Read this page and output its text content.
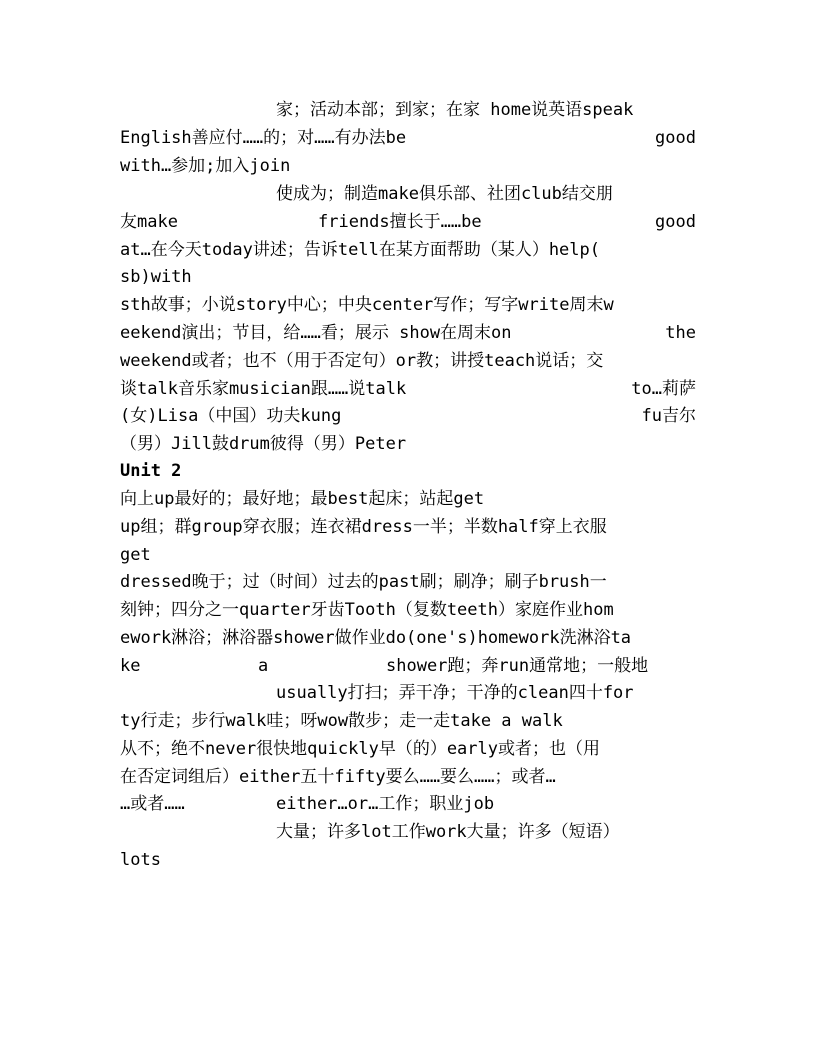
家；活动本部；到家；在家 home说英语speak
English善应付……的；对……有办法be	good
with…参加;加入join
使成为；制造make俱乐部、社团club结交朋
友make	friends擅长于……be	good
at…在今天today讲述；告诉tell在某方面帮助（某人）help(
sb)with
sth故事；小说story中心；中央center写作；写字write周末w
eekend演出；节目，给……看；展示 show在周末on	the
weekend或者；也不（用于否定句）or教；讲授teach说话；交
谈talk音乐家musician跟……说talk	to…莉萨
(女)Lisa（中国）功夫kung	fu吉尔
（男）Jill鼓drum彼得（男）Peter
Unit 2
向上up最好的；最好地；最best起床；站起get
up组；群group穿衣服；连衣裙dress一半；半数half穿上衣服
get
dressed晚于；过（时间）过去的past刷；刷净；刷子brush一
刻钟；四分之一quarter牙齿Tooth（复数teeth）家庭作业hom
ework淋浴；淋浴器shower做作业do(one's)homework洗淋浴ta
ke	a	shower跑；奔run通常地；一般地
usually打扫；弄干净；干净的clean四十for
ty行走；步行walk哇；呀wow散步；走一走take a walk
从不；绝不never很快地quickly早（的）early或者；也（用
在否定词组后）either五十fifty要么……要么……；或者…
…或者……	either…or…工作；职业job
大量；许多lot工作work大量；许多（短语）
lots
